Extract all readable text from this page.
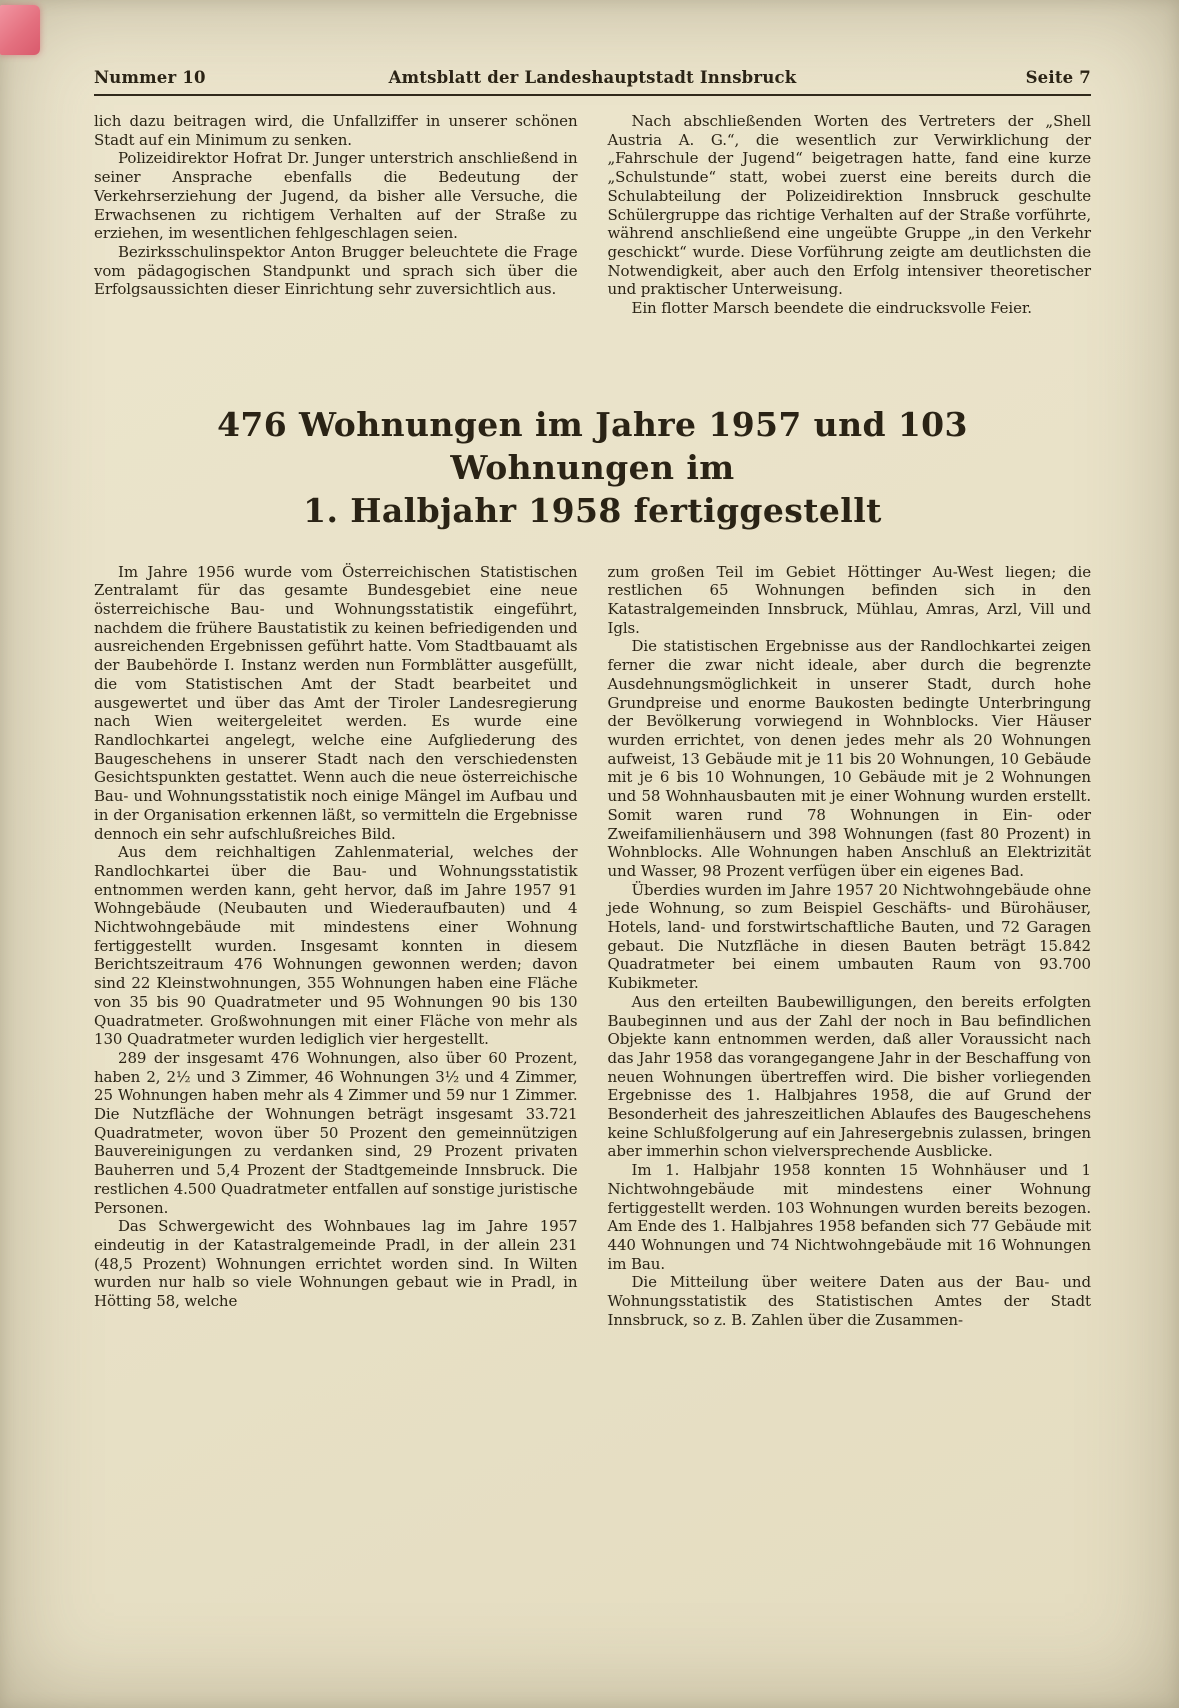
Nummer 10	Amtsblatt der Landeshauptstadt Innsbruck	Seite 7

lich dazu beitragen wird, die Unfallziffer in unserer schönen Stadt auf ein Minimum zu senken.

Polizeidirektor Hofrat Dr. Junger unterstrich anschließend in seiner Ansprache ebenfalls die Bedeutung der Verkehrserziehung der Jugend, da bisher alle Versuche, die Erwachsenen zu richtigem Verhalten auf der Straße zu erziehen, im wesentlichen fehlgeschlagen seien.

Bezirksschulinspektor Anton Brugger beleuchtete die Frage vom pädagogischen Standpunkt und sprach sich über die Erfolgsaussichten dieser Einrichtung sehr zuversichtlich aus.

Nach abschließenden Worten des Vertreters der „Shell Austria A. G.“, die wesentlich zur Verwirklichung der „Fahrschule der Jugend“ beigetragen hatte, fand eine kurze „Schulstunde“ statt, wobei zuerst eine bereits durch die Schulabteilung der Polizeidirektion Innsbruck geschulte Schülergruppe das richtige Verhalten auf der Straße vorführte, während anschließend eine ungeübte Gruppe „in den Verkehr geschickt“ wurde. Diese Vorführung zeigte am deutlichsten die Notwendigkeit, aber auch den Erfolg intensiver theoretischer und praktischer Unterweisung.

Ein flotter Marsch beendete die eindrucksvolle Feier.

476 Wohnungen im Jahre 1957 und 103 Wohnungen im
1. Halbjahr 1958 fertiggestellt

Im Jahre 1956 wurde vom Österreichischen Statistischen Zentralamt für das gesamte Bundesgebiet eine neue österreichische Bau- und Wohnungsstatistik eingeführt, nachdem die frühere Baustatistik zu keinen befriedigenden und ausreichenden Ergebnissen geführt hatte. Vom Stadtbauamt als der Baubehörde I. Instanz werden nun Formblätter ausgefüllt, die vom Statistischen Amt der Stadt bearbeitet und ausgewertet und über das Amt der Tiroler Landesregierung nach Wien weitergeleitet werden. Es wurde eine Randlochkartei angelegt, welche eine Aufgliederung des Baugeschehens in unserer Stadt nach den verschiedensten Gesichtspunkten gestattet. Wenn auch die neue österreichische Bau- und Wohnungsstatistik noch einige Mängel im Aufbau und in der Organisation erkennen läßt, so vermitteln die Ergebnisse dennoch ein sehr aufschlußreiches Bild.

Aus dem reichhaltigen Zahlenmaterial, welches der Randlochkartei über die Bau- und Wohnungsstatistik entnommen werden kann, geht hervor, daß im Jahre 1957 91 Wohngebäude (Neubauten und Wiederaufbauten) und 4 Nichtwohngebäude mit mindestens einer Wohnung fertiggestellt wurden. Insgesamt konnten in diesem Berichtszeitraum 476 Wohnungen gewonnen werden; davon sind 22 Kleinstwohnungen, 355 Wohnungen haben eine Fläche von 35 bis 90 Quadratmeter und 95 Wohnungen 90 bis 130 Quadratmeter. Großwohnungen mit einer Fläche von mehr als 130 Quadratmeter wurden lediglich vier hergestellt.

289 der insgesamt 476 Wohnungen, also über 60 Prozent, haben 2, 2½ und 3 Zimmer, 46 Wohnungen 3½ und 4 Zimmer, 25 Wohnungen haben mehr als 4 Zimmer und 59 nur 1 Zimmer. Die Nutzfläche der Wohnungen beträgt insgesamt 33.721 Quadratmeter, wovon über 50 Prozent den gemeinnützigen Bauvereinigungen zu verdanken sind, 29 Prozent privaten Bauherren und 5,4 Prozent der Stadtgemeinde Innsbruck. Die restlichen 4.500 Quadratmeter entfallen auf sonstige juristische Personen.

Das Schwergewicht des Wohnbaues lag im Jahre 1957 eindeutig in der Katastralgemeinde Pradl, in der allein 231 (48,5 Prozent) Wohnungen errichtet worden sind. In Wilten wurden nur halb so viele Wohnungen gebaut wie in Pradl, in Hötting 58, welche

zum großen Teil im Gebiet Höttinger Au-West liegen; die restlichen 65 Wohnungen befinden sich in den Katastralgemeinden Innsbruck, Mühlau, Amras, Arzl, Vill und Igls.

Die statistischen Ergebnisse aus der Randlochkartei zeigen ferner die zwar nicht ideale, aber durch die begrenzte Ausdehnungsmöglichkeit in unserer Stadt, durch hohe Grundpreise und enorme Baukosten bedingte Unterbringung der Bevölkerung vorwiegend in Wohnblocks. Vier Häuser wurden errichtet, von denen jedes mehr als 20 Wohnungen aufweist, 13 Gebäude mit je 11 bis 20 Wohnungen, 10 Gebäude mit je 6 bis 10 Wohnungen, 10 Gebäude mit je 2 Wohnungen und 58 Wohnhausbauten mit je einer Wohnung wurden erstellt. Somit waren rund 78 Wohnungen in Ein- oder Zweifamilienhäusern und 398 Wohnungen (fast 80 Prozent) in Wohnblocks. Alle Wohnungen haben Anschluß an Elektrizität und Wasser, 98 Prozent verfügen über ein eigenes Bad.

Überdies wurden im Jahre 1957 20 Nichtwohngebäude ohne jede Wohnung, so zum Beispiel Geschäfts- und Bürohäuser, Hotels, land- und forstwirtschaftliche Bauten, und 72 Garagen gebaut. Die Nutzfläche in diesen Bauten beträgt 15.842 Quadratmeter bei einem umbauten Raum von 93.700 Kubikmeter.

Aus den erteilten Baubewilligungen, den bereits erfolgten Baubeginnen und aus der Zahl der noch in Bau befindlichen Objekte kann entnommen werden, daß aller Voraussicht nach das Jahr 1958 das vorangegangene Jahr in der Beschaffung von neuen Wohnungen übertreffen wird. Die bisher vorliegenden Ergebnisse des 1. Halbjahres 1958, die auf Grund der Besonderheit des jahreszeitlichen Ablaufes des Baugeschehens keine Schlußfolgerung auf ein Jahresergebnis zulassen, bringen aber immerhin schon vielversprechende Ausblicke.

Im 1. Halbjahr 1958 konnten 15 Wohnhäuser und 1 Nichtwohngebäude mit mindestens einer Wohnung fertiggestellt werden. 103 Wohnungen wurden bereits bezogen. Am Ende des 1. Halbjahres 1958 befanden sich 77 Gebäude mit 440 Wohnungen und 74 Nichtwohngebäude mit 16 Wohnungen im Bau.

Die Mitteilung über weitere Daten aus der Bau- und Wohnungsstatistik des Statistischen Amtes der Stadt Innsbruck, so z. B. Zahlen über die Zusammen-
